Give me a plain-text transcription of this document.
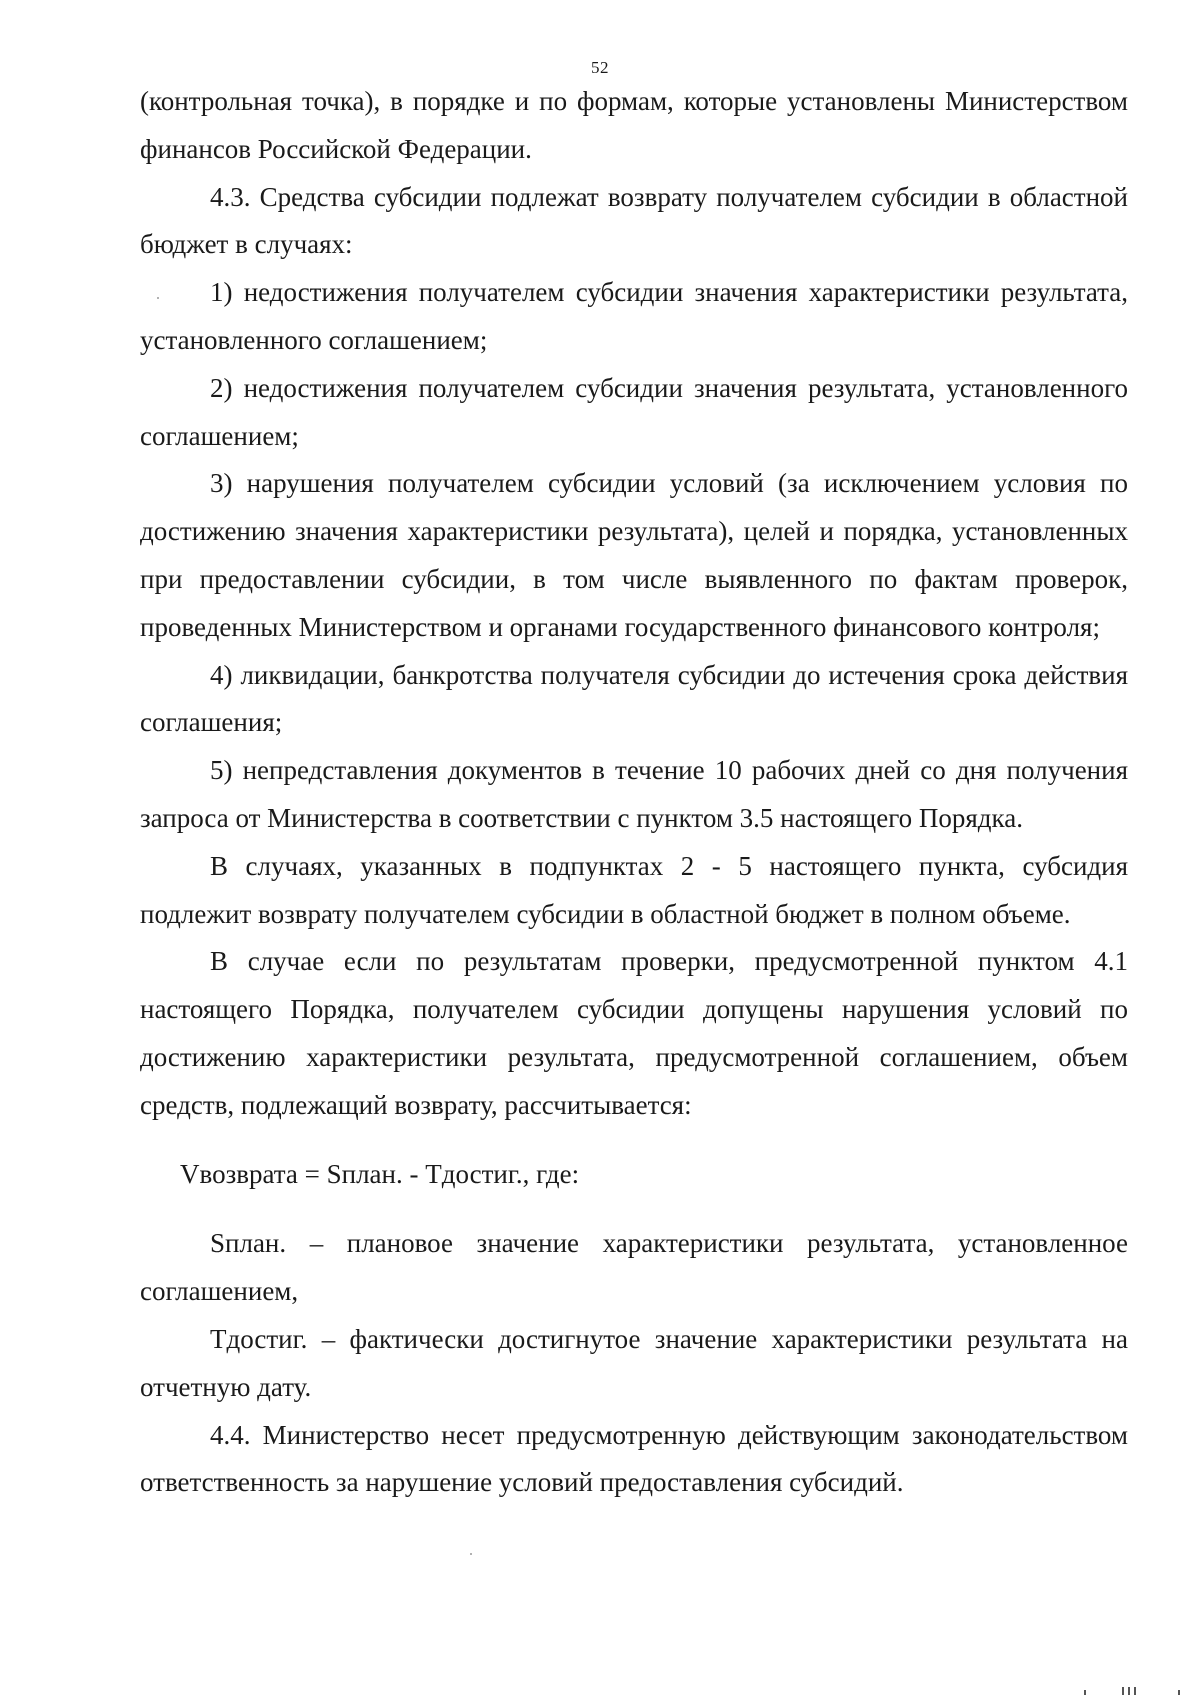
52

(контрольная точка), в порядке и по формам, которые установлены Министерством финансов Российской Федерации.

4.3. Средства субсидии подлежат возврату получателем субсидии в областной бюджет в случаях:

1) недостижения получателем субсидии значения характеристики результата, установленного соглашением;

2) недостижения получателем субсидии значения результата, установленного соглашением;

3) нарушения получателем субсидии условий (за исключением условия по достижению значения характеристики результата), целей и порядка, установленных при предоставлении субсидии, в том числе выявленного по фактам проверок, проведенных Министерством и органами государственного финансового контроля;

4) ликвидации, банкротства получателя субсидии до истечения срока действия соглашения;

5) непредставления документов в течение 10 рабочих дней со дня получения запроса от Министерства в соответствии с пунктом 3.5 настоящего Порядка.

В случаях, указанных в подпунктах 2 - 5 настоящего пункта, субсидия подлежит возврату получателем субсидии в областной бюджет в полном объеме.

В случае если по результатам проверки, предусмотренной пунктом 4.1 настоящего Порядка, получателем субсидии допущены нарушения условий по достижению характеристики результата, предусмотренной соглашением, объем средств, подлежащий возврату, рассчитывается:

Vвозврата = Sплан. - Тдостиг., где:

Sплан. – плановое значение характеристики результата, установленное соглашением,

Тдостиг. – фактически достигнутое значение характеристики результата на отчетную дату.

4.4. Министерство несет предусмотренную действующим законодательством ответственность за нарушение условий предоставления субсидий.
